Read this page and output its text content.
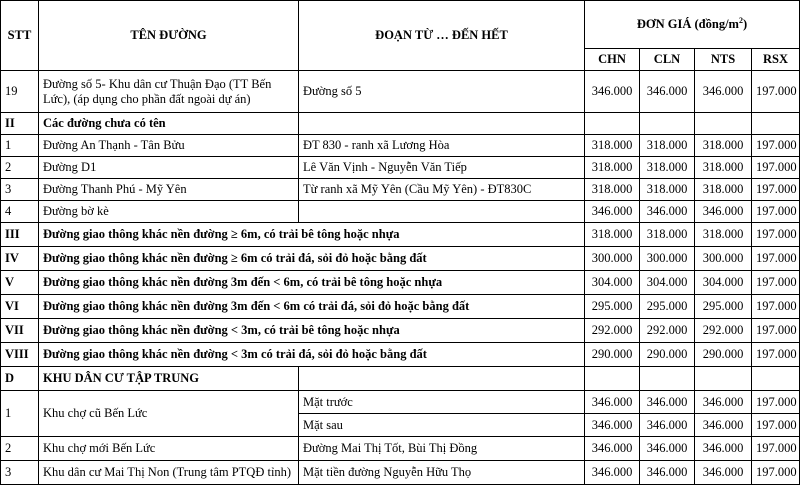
STT	TÊN ĐƯỜNG	ĐOẠN TỪ … ĐẾN HẾT	ĐƠN GIÁ $(đồng/m^2)$			
			CHN	CLN	NTS	RSX
19	Đường số 5- Khu dân cư Thuận Đạo (TT Bến Lức), (áp dụng cho phần đất ngoài dự án)	Đường số 5	346.000	346.000	346.000	197.000
II	Các đường chưa có tên					
1	Đường An Thạnh - Tân Bửu	ĐT 830 - ranh xã Lương Hòa	318.000	318.000	318.000	197.000
2	Đường D1	Lê Văn Vịnh - Nguyễn Văn Tiếp	318.000	318.000	318.000	197.000
3	Đường Thanh Phú - Mỹ Yên	Từ ranh xã Mỹ Yên (Cầu Mỹ Yên) - ĐT830C	318.000	318.000	318.000	197.000
4	Đường bờ kè		346.000	346.000	346.000	197.000
III	Đường giao thông khác nền đường ≥ 6m, có trải bê tông hoặc nhựa		318.000	318.000	318.000	197.000
IV	Đường giao thông khác nền đường ≥ 6m có trải đá, sỏi đỏ hoặc bằng đất		300.000	300.000	300.000	197.000
V	Đường giao thông khác nền đường 3m đến < 6m, có trải bê tông hoặc nhựa		304.000	304.000	304.000	197.000
VI	Đường giao thông khác nền đường 3m đến < 6m có trải đá, sỏi đỏ hoặc bằng đất		295.000	295.000	295.000	197.000
VII	Đường giao thông khác nền đường < 3m, có trải bê tông hoặc nhựa		292.000	292.000	292.000	197.000
VIII	Đường giao thông khác nền đường < 3m có trải đá, sỏi đỏ hoặc bằng đất		290.000	290.000	290.000	197.000
D	KHU DÂN CƯ TẬP TRUNG					
1	Khu chợ cũ Bến Lức	Mặt trước	346.000	346.000	346.000	197.000
		Mặt sau	346.000	346.000	346.000	197.000
2	Khu chợ mới Bến Lức	Đường Mai Thị Tốt, Bùi Thị Đồng	346.000	346.000	346.000	197.000
3	Khu dân cư Mai Thị Non (Trung tâm PTQĐ tỉnh)	Mặt tiền đường Nguyễn Hữu Thọ	346.000	346.000	346.000	197.000
